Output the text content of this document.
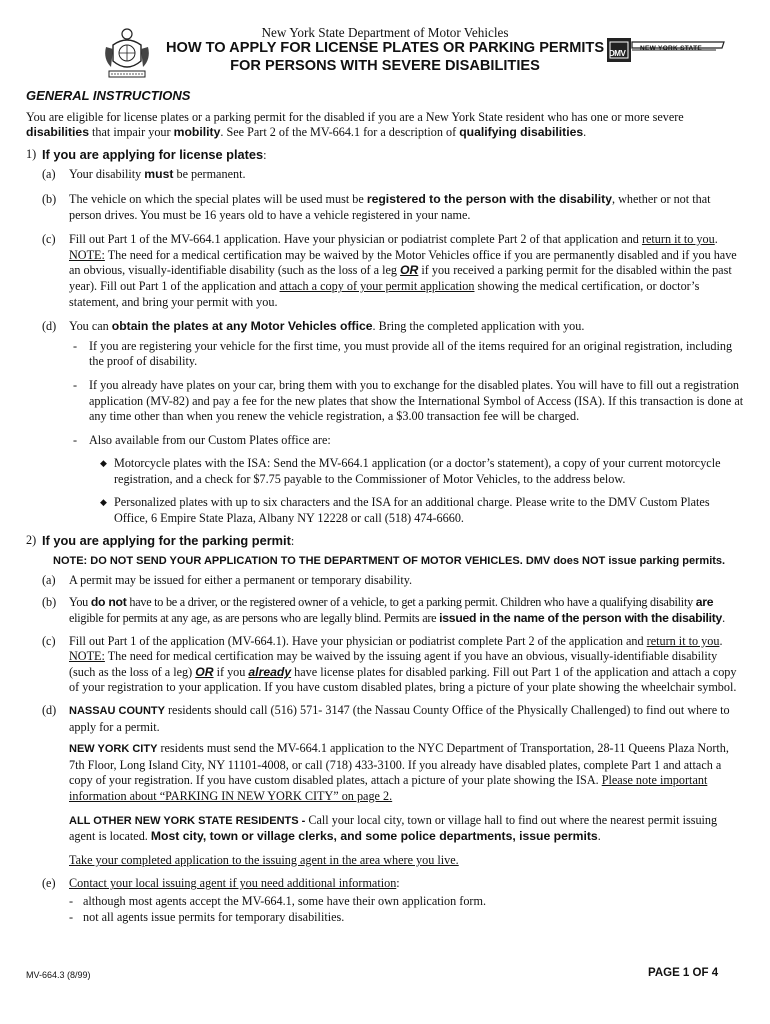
New York State Department of Motor Vehicles
HOW TO APPLY FOR LICENSE PLATES OR PARKING PERMITS
FOR PERSONS WITH SEVERE DISABILITIES
DMV
NEW YORK STATE
GENERAL INSTRUCTIONS

You are eligible for license plates or a parking permit for the disabled if you are a New York State resident who has one or more severe disabilities that impair your mobility. See Part 2 of the MV-664.1 for a description of qualifying disabilities.

1) If you are applying for license plates:
(a)	Your disability must be permanent.
(b)	The vehicle on which the special plates will be used must be registered to the person with the disability, whether or not that person drives. You must be 16 years old to have a vehicle registered in your name.
(c)	Fill out Part 1 of the MV-664.1 application. Have your physician or podiatrist complete Part 2 of that application and return it to you. NOTE: The need for a medical certification may be waived by the Motor Vehicles office if you are permanently disabled and if you have an obvious, visually-identifiable disability (such as the loss of a leg OR if you received a parking permit for the disabled within the past year). Fill out Part 1 of the application and attach a copy of your permit application showing the medical certification, or doctor’s statement, and bring your permit with you.
(d)	You can obtain the plates at any Motor Vehicles office. Bring the completed application with you.
- If you are registering your vehicle for the first time, you must provide all of the items required for an original registration, including the proof of disability.
- If you already have plates on your car, bring them with you to exchange for the disabled plates. You will have to fill out a registration application (MV-82) and pay a fee for the new plates that show the International Symbol of Access (ISA). If this transaction is done at any time other than when you renew the vehicle registration, a $3.00 transaction fee will be charged.
- Also available from our Custom Plates office are:
◆ Motorcycle plates with the ISA: Send the MV-664.1 application (or a doctor’s statement), a copy of your current motorcycle registration, and a check for $7.75 payable to the Commissioner of Motor Vehicles, to the address below.
◆ Personalized plates with up to six characters and the ISA for an additional charge. Please write to the DMV Custom Plates Office, 6 Empire State Plaza, Albany NY 12228 or call (518) 474-6660.
2) If you are applying for the parking permit:
NOTE: DO NOT SEND YOUR APPLICATION TO THE DEPARTMENT OF MOTOR VEHICLES. DMV does NOT issue parking permits.
(a)	A permit may be issued for either a permanent or temporary disability.
(b)	You do not have to be a driver, or the registered owner of a vehicle, to get a parking permit. Children who have a qualifying disability are eligible for permits at any age, as are persons who are legally blind. Permits are issued in the name of the person with the disability.
(c)	Fill out Part 1 of the application (MV-664.1). Have your physician or podiatrist complete Part 2 of the application and return it to you. NOTE: The need for medical certification may be waived by the issuing agent if you have an obvious, visually-identifiable disability (such as the loss of a leg) OR if you already have license plates for disabled parking. Fill out Part 1 of the application and attach a copy of your registration to your application. If you have custom disabled plates, bring a picture of your plate showing the wheelchair symbol.
(d)	NASSAU COUNTY residents should call (516) 571- 3147 (the Nassau County Office of the Physically Challenged) to find out where to apply for a permit.

NEW YORK CITY residents must send the MV-664.1 application to the NYC Department of Transportation, 28-11 Queens Plaza North, 7th Floor, Long Island City, NY 11101-4008, or call (718) 433-3100. If you already have disabled plates, complete Part 1 and attach a copy of your registration. If you have custom disabled plates, attach a picture of your plate showing the ISA. Please note important information about “PARKING IN NEW YORK CITY” on page 2.

ALL OTHER NEW YORK STATE RESIDENTS - Call your local city, town or village hall to find out where the nearest permit issuing agent is located. Most city, town or village clerks, and some police departments, issue permits.

Take your completed application to the issuing agent in the area where you live.

(e)	Contact your local issuing agent if you need additional information:
- although most agents accept the MV-664.1, some have their own application form.
- not all agents issue permits for temporary disabilities.
MV-664.3 (8/99)	PAGE 1 OF 4
